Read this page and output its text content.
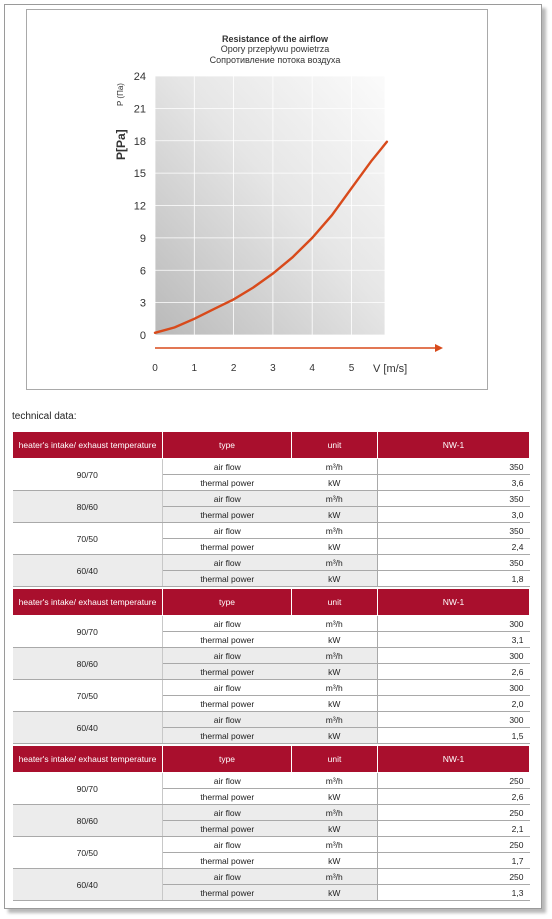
Resistance of the airflow
Opory przepływu powietrza
Сопротивление потока воздуха
P[Pa]
P (Па)
V [m/s]
0
3
6
9
12
15
18
21
24
0	1	2	3	4	5
technical data:
heater's intake/ exhaust temperature	type	unit	NW-1
90/70	air flow	m³/h	350
	thermal power	kW	3,6
80/60	air flow	m³/h	350
	thermal power	kW	3,0
70/50	air flow	m³/h	350
	thermal power	kW	2,4
60/40	air flow	m³/h	350
	thermal power	kW	1,8
heater's intake/ exhaust temperature	type	unit	NW-1
90/70	air flow	m³/h	300
	thermal power	kW	3,1
80/60	air flow	m³/h	300
	thermal power	kW	2,6
70/50	air flow	m³/h	300
	thermal power	kW	2,0
60/40	air flow	m³/h	300
	thermal power	kW	1,5
heater's intake/ exhaust temperature	type	unit	NW-1
90/70	air flow	m³/h	250
	thermal power	kW	2,6
80/60	air flow	m³/h	250
	thermal power	kW	2,1
70/50	air flow	m³/h	250
	thermal power	kW	1,7
60/40	air flow	m³/h	250
	thermal power	kW	1,3
